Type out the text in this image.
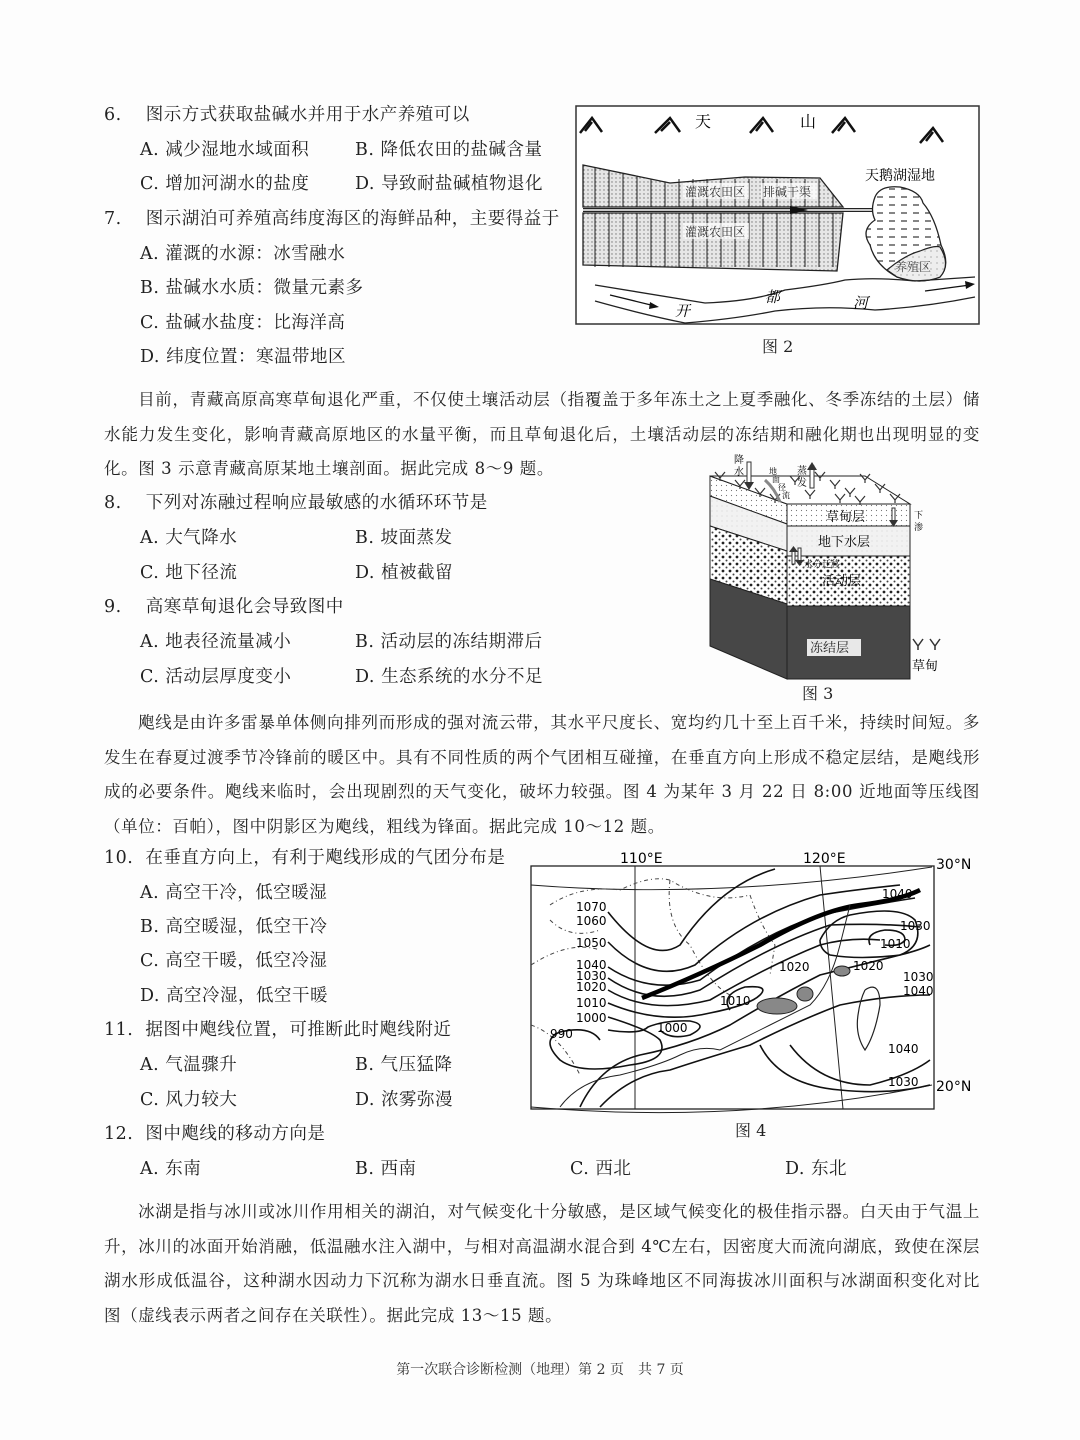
6. 图示方式获取盐碱水并用于水产养殖可以
A. 减少湿地水域面积	B. 降低农田的盐碱含量
C. 增加河湖水的盐度	D. 导致耐盐碱植物退化
7. 图示湖泊可养殖高纬度海区的海鲜品种，主要得益于
A. 灌溉的水源：冰雪融水
B. 盐碱水水质：微量元素多
C. 盐碱水盐度：比海洋高
D. 纬度位置：寒温带地区
天	山
灌溉农田区 排碱干渠
灌溉农田区
天鹅湖湿地
养殖区
开
都	河
图 2
目前，青藏高原高寒草甸退化严重，不仅使土壤活动层（指覆盖于多年冻土之上夏季融化、冬季冻结的土层）储水能力发生变化，影响青藏高原地区的水量平衡，而且草甸退化后，土壤活动层的冻结期和融化期也出现明显的变化。图 3 示意青藏高原某地土壤剖面。据此完成 8～9 题。
8. 下列对冻融过程响应最敏感的水循环环节是
A. 大气降水	B. 坡面蒸发
C. 地下径流	D. 植被截留
9. 高寒草甸退化会导致图中
A. 地表径流量减小	B. 活动层的冻结期滞后
C. 活动层厚度变小	D. 生态系统的水分不足
降
水	蒸
发
地
面
径
流
下
渗
草甸层
地下水层
水分迁移
活动层
冻结层
草甸
图 3
飑线是由许多雷暴单体侧向排列而形成的强对流云带，其水平尺度长、宽均约几十至上百千米，持续时间短。多发生在春夏过渡季节冷锋前的暖区中。具有不同性质的两个气团相互碰撞，在垂直方向上形成不稳定层结，是飑线形成的必要条件。飑线来临时，会出现剧烈的天气变化，破坏力较强。图 4 为某年 3 月 22 日 8:00 近地面等压线图（单位：百帕），图中阴影区为飑线，粗线为锋面。据此完成 10～12 题。
10. 在垂直方向上，有利于飑线形成的气团分布是
A. 高空干冷，低空暖湿
B. 高空暖湿，低空干冷
C. 高空干暖，低空冷湿
D. 高空冷湿，低空干暖
11. 据图中飑线位置，可推断此时飑线附近
A. 气温骤升	B. 气压猛降
C. 风力较大	D. 浓雾弥漫
12. 图中飑线的移动方向是
A. 东南	B. 西南	C. 西北	D. 东北
110°E	120°E	30°N
20°N
1070
1060
1050
1040
1030
1020
1010
1000
990
1010
1000
1020
1040
1030
1010
1020
1030
1040
1040
1030
图 4
冰湖是指与冰川或冰川作用相关的湖泊，对气候变化十分敏感，是区域气候变化的极佳指示器。白天由于气温上升，冰川的冰面开始消融，低温融水注入湖中，与相对高温湖水混合到 4℃左右，因密度大而流向湖底，致使在深层湖水形成低温谷，这种湖水因动力下沉称为湖水日垂直流。图 5 为珠峰地区不同海拔冰川面积与冰湖面积变化对比图（虚线表示两者之间存在关联性）。据此完成 13～15 题。
第一次联合诊断检测（地理）第 2 页　共 7 页
